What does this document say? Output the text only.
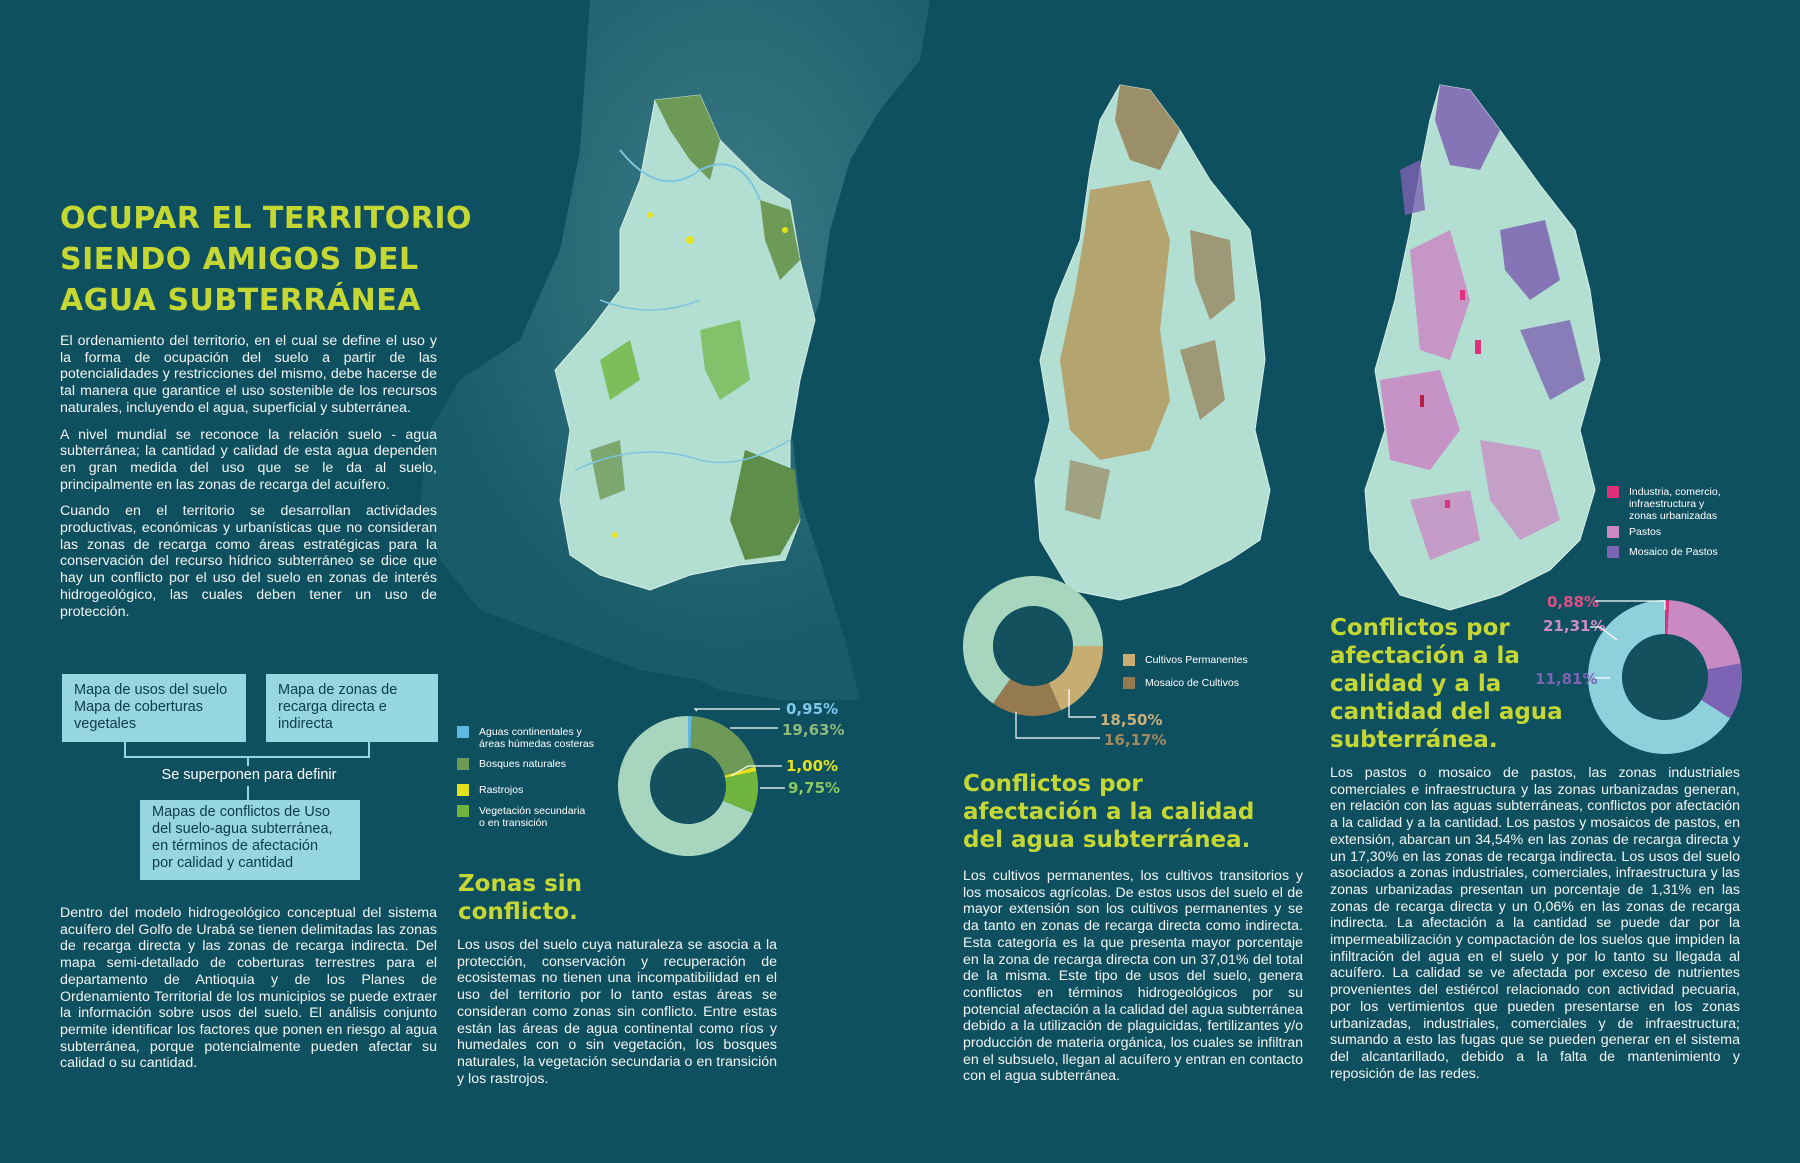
OCUPAR EL TERRITORIO
SIENDO AMIGOS DEL
AGUA SUBTERRÁNEA

El ordenamiento del territorio, en el cual se define el uso y la forma de ocupación del suelo a partir de las potencialidades y restricciones del mismo, debe hacerse de tal manera que garantice el uso sostenible de los recursos naturales, incluyendo el agua, superficial y subterránea.

A nivel mundial se reconoce la relación suelo - agua subterránea; la cantidad y calidad de esta agua dependen en gran medida del uso que se le da al suelo, principalmente en las zonas de recarga del acuífero.

Cuando en el territorio se desarrollan actividades productivas, económicas y urbanísticas que no consideran las zonas de recarga como áreas estratégicas para la conservación del recurso hídrico subterráneo se dice que hay un conflicto por el uso del suelo en zonas de interés hidrogeológico, las cuales deben tener un uso de protección.

Mapa de usos del suelo
Mapa de coberturas
vegetales
Mapa de zonas de
recarga directa e
indirecta
Se superponen para definir
Mapas de conflictos de Uso
del suelo-agua subterránea,
en términos de afectación
por calidad y cantidad
Dentro del modelo hidrogeológico conceptual del sistema acuífero del Golfo de Urabá se tienen delimitadas las zonas de recarga directa y las zonas de recarga indirecta. Del mapa semi-detallado de coberturas terrestres para el departamento de Antioquia y de los Planes de Ordenamiento Territorial de los municipios se puede extraer la información sobre usos del suelo. El análisis conjunto permite identificar los factores que ponen en riesgo al agua subterránea, porque potencialmente pueden afectar su calidad o su cantidad.
Aguas continentales y
áreas húmedas costeras
Bosques naturales
Rastrojos
Vegetación secundaria
o en transición
0,95%
19,63%
1,00%
9,75%
Zonas sin
conflicto.
Los usos del suelo cuya naturaleza se asocia a la protección, conservación y recuperación de ecosistemas no tienen una incompatibilidad en el uso del territorio por lo tanto estas áreas se consideran como zonas sin conflicto. Entre estas están las áreas de agua continental como ríos y humedales con o sin vegetación, los bosques naturales, la vegetación secundaria o en transición y los rastrojos.
Cultivos Permanentes
Mosaico de Cultivos
18,50%
16,17%
Conflictos por
afectación a la calidad
del agua subterránea.
Los cultivos permanentes, los cultivos transitorios y los mosaicos agrícolas. De estos usos del suelo el de mayor extensión son los cultivos permanentes y se da tanto en zonas de recarga directa como indirecta. Esta categoría es la que presenta mayor porcentaje en la zona de recarga directa con un 37,01% del total de la misma. Este tipo de usos del suelo, genera conflictos en términos hidrogeológicos por su potencial afectación a la calidad del agua subterránea debido a la utilización de plaguicidas, fertilizantes y/o producción de materia orgánica, los cuales se infiltran en el subsuelo, llegan al acuífero y entran en contacto con el agua subterránea.
Industria, comercio,
infraestructura y
zonas urbanizadas
Pastos
Mosaico de Pastos
0,88%
21,31%
11,81%
Conflictos por
afectación a la
calidad y a la
cantidad del agua
subterránea.
Los pastos o mosaico de pastos, las zonas industriales comerciales e infraestructura y las zonas urbanizadas generan, en relación con las aguas subterráneas, conflictos por afectación a la calidad y a la cantidad. Los pastos y mosaicos de pastos, en extensión, abarcan un 34,54% en las zonas de recarga directa y un 17,30% en las zonas de recarga indirecta. Los usos del suelo asociados a zonas industriales, comerciales, infraestructura y las zonas urbanizadas presentan un porcentaje de 1,31% en las zonas de recarga directa y un 0,06% en las zonas de recarga indirecta. La afectación a la cantidad se puede dar por la impermeabilización y compactación de los suelos que impiden la infiltración del agua en el suelo y por lo tanto su llegada al acuífero. La calidad se ve afectada por exceso de nutrientes provenientes del estiércol relacionado con actividad pecuaria, por los vertimientos que pueden presentarse en los zonas urbanizadas, industriales, comerciales y de infraestructura; sumando a esto las fugas que se pueden generar en el sistema del alcantarillado, debido a la falta de mantenimiento y reposición de las redes.
